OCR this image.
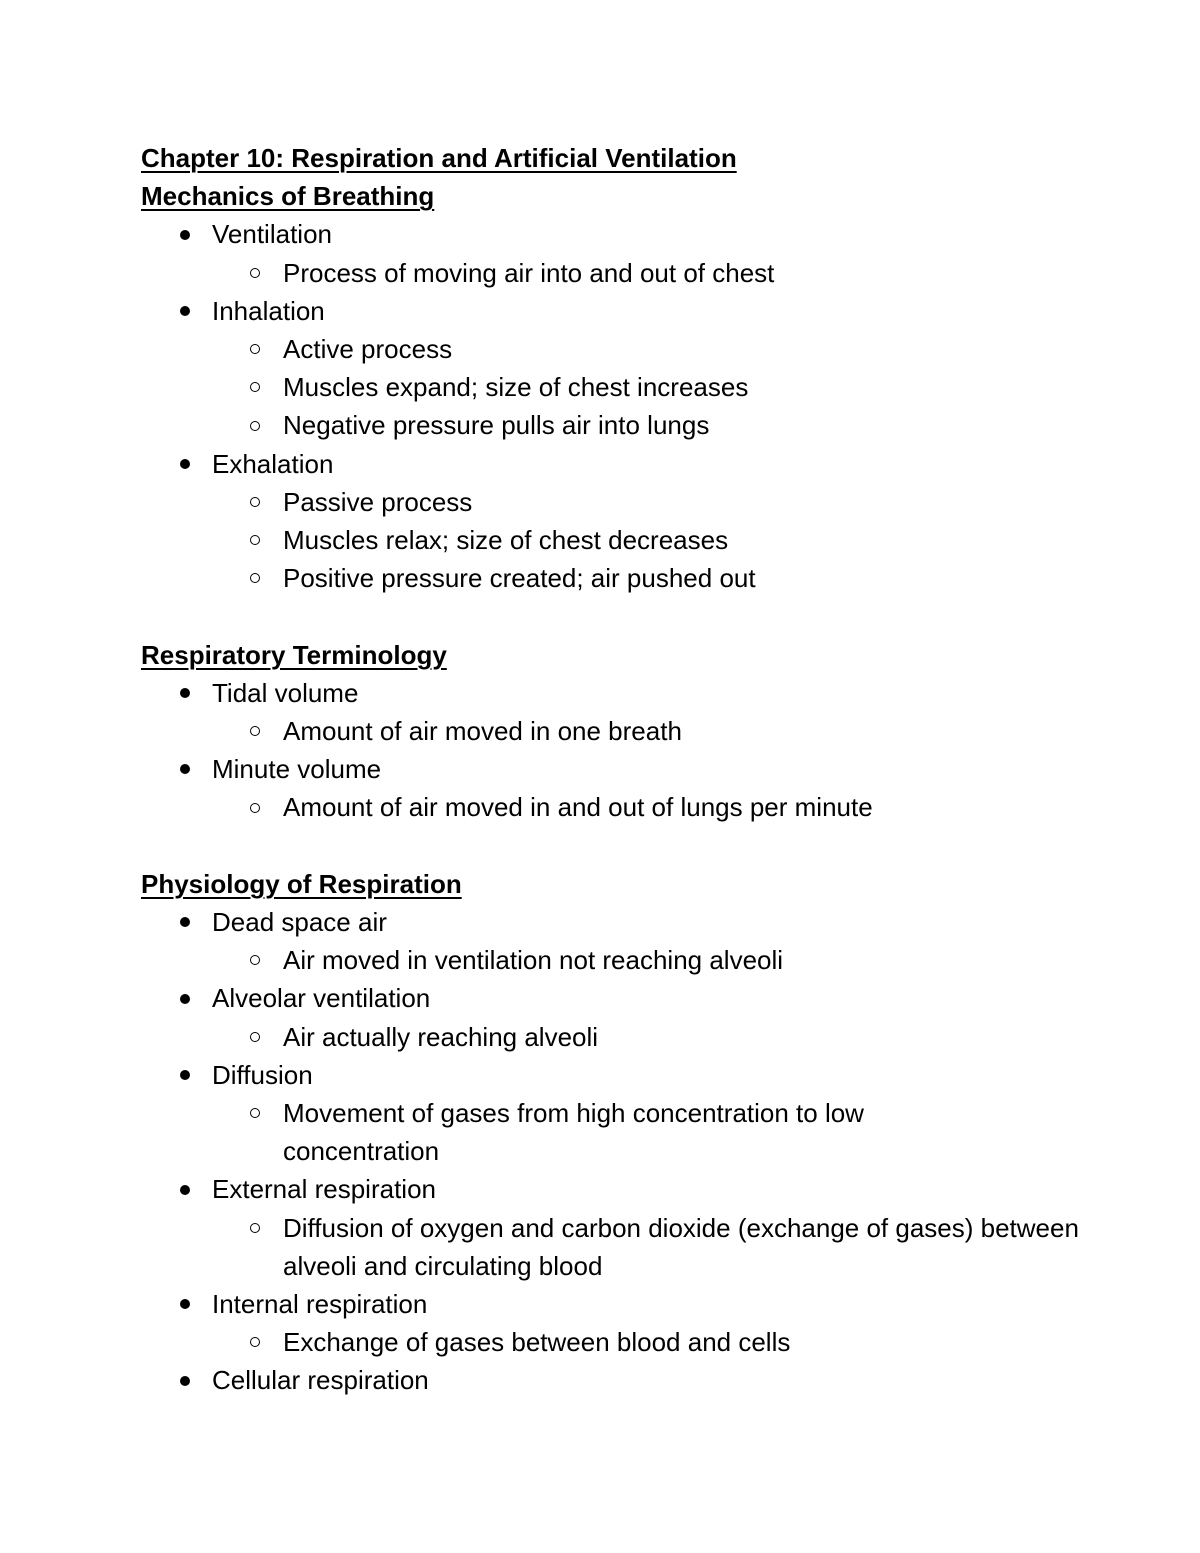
Chapter 10: Respiration and Artificial Ventilation
Mechanics of Breathing
Ventilation
Process of moving air into and out of chest
Inhalation
Active process
Muscles expand; size of chest increases
Negative pressure pulls air into lungs
Exhalation
Passive process
Muscles relax; size of chest decreases
Positive pressure created; air pushed out
Respiratory Terminology
Tidal volume
Amount of air moved in one breath
Minute volume
Amount of air moved in and out of lungs per minute
Physiology of Respiration
Dead space air
Air moved in ventilation not reaching alveoli
Alveolar ventilation
Air actually reaching alveoli
Diffusion
Movement of gases from high concentration to low concentration
External respiration
Diffusion of oxygen and carbon dioxide (exchange of gases) between alveoli and circulating blood
Internal respiration
Exchange of gases between blood and cells
Cellular respiration
